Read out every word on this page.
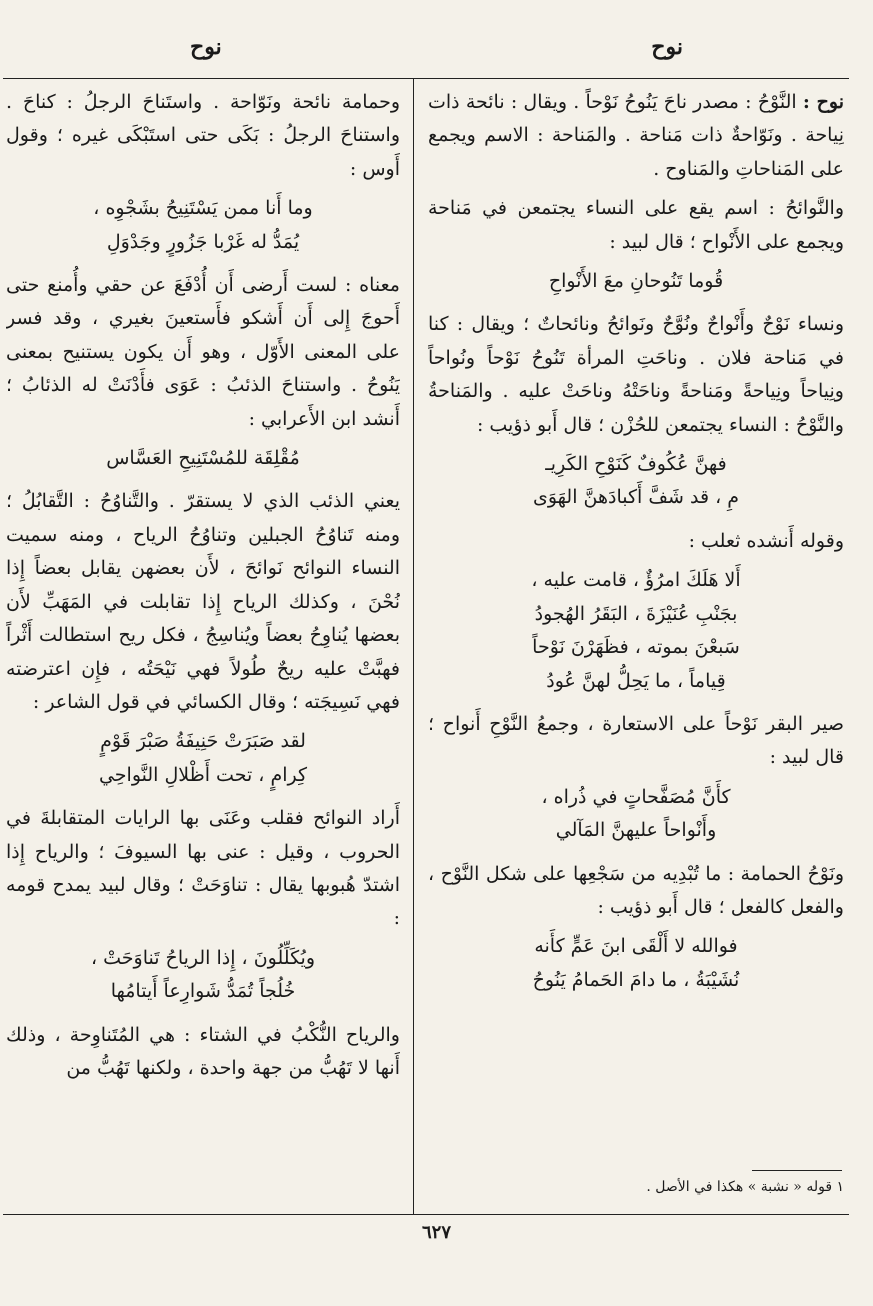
نوح
نوح

نوح : النَّوْحُ : مصدر ناحَ يَنُوحُ نَوْحاً . ويقال : نائحة ذات نِياحة . ونَوّاحةٌ ذات مَناحة . والمَناحة : الاسم ويجمع على المَناحاتِ والمَناوح .

والنَّوائحُ : اسم يقع على النساء يجتمعن في مَناحة ويجمع على الأَنْواح ؛ قال لبيد :

قُوما تَنُوحانِ معَ الأَنْواحِ

ونساء نَوْحٌ وأَنْواحٌ ونُوَّحٌ ونَوائحُ ونائحاتٌ ؛ ويقال : كنا في مَناحة فلان . وناحَتِ المرأة تَنُوحُ نَوْحاً ونُواحاً ونِياحاً ونِياحةً ومَناحةً وناحَتْهُ وناحَتْ عليه . والمَناحةُ والنَّوْحُ : النساء يجتمعن للحُزْن ؛ قال أَبو ذؤيب :

فهنَّ عُكُوفٌ كَنَوْحِ الكَرِيـ
مِ ، قد شَفَّ أَكبادَهنَّ الهَوَى

وقوله أَنشده ثعلب :

أَلا هَلَكَ امرُؤٌ ، قامت عليه ،
بجَنْبِ عُنَيْزَةَ ، البَقَرُ الهُجودُ
سَبعْنَ بموته ، فظَهَرْنَ نَوْحاً
قِياماً ، ما يَحِلُّ لهنَّ عُودُ

صير البقر نَوْحاً على الاستعارة ، وجمعُ النَّوْحِ أَنواح ؛ قال لبيد :

كأَنَّ مُصَفَّحاتٍ في ذُراه ،
وأَنْواحاً عليهنَّ المَآلي

ونَوْحُ الحمامة : ما تُبْدِيه من سَجْعِها على شكل النَّوْح ، والفعل كالفعل ؛ قال أَبو ذؤيب :

فوالله لا أَلْقَى ابنَ عَمٍّ كأَنه
نُشَيْبَةُ ، ما دامَ الحَمامُ يَنُوحُ
١ قوله « نشبة » هكذا في الأصل .

وحمامة نائحة ونَوّاحة . واستَناحَ الرجلُ : كناحَ . واستناحَ الرجلُ : بَكَى حتى استَبْكَى غيره ؛ وقول أَوس :

وما أَنا ممن يَسْتَنِيحُ بشَجْوِه ،
يُمَدُّ له غَرْبا جَزُورٍ وجَدْوَلِ

معناه : لست أَرضى أَن أُدْفَعَ عن حقي وأُمنع حتى أَحوجَ إِلى أَن أَشكو فأَستعينَ بغيري ، وقد فسر على المعنى الأَوّل ، وهو أَن يكون يستنيح بمعنى يَنُوحُ . واستناحَ الذئبُ : عَوَى فأَدْنَتْ له الذئابُ ؛ أَنشد ابن الأَعرابي :

مُقْلِقَة للمُسْتَنِيحِ العَسَّاس

يعني الذئب الذي لا يستقرّ . والتَّناوُحُ : التَّقابُلُ ؛ ومنه تَناوُحُ الجبلين وتناوُحُ الرياح ، ومنه سميت النساء النوائح نَوائحَ ، لأَن بعضهن يقابل بعضاً إِذا نُحْنَ ، وكذلك الرياح إِذا تقابلت في المَهَبِّ لأَن بعضها يُناوِحُ بعضاً ويُناسِجُ ، فكل ريح استطالت أَثْراً فهبَّتْ عليه ريحٌ طُولاً فهي نَيْحَتُه ، فإِن اعترضته فهي نَسِيجَته ؛ وقال الكسائي في قول الشاعر :

لقد صَبَرَتْ حَنِيفَةُ صَبْرَ قَوْمٍ
كِرامٍ ، تحت أَظْلالِ النَّواحِي

أَراد النوائح فقلب وعَنَى بها الرايات المتقابلةَ في الحروب ، وقيل : عنى بها السيوفَ ؛ والرياح إِذا اشتدّ هُبوبها يقال : تناوَحَتْ ؛ وقال لبيد يمدح قومه :

ويُكَلِّلُونَ ، إِذا الرياحُ تَناوَحَتْ ،
خُلُجاً تُمَدُّ شَوارِعاً أَيتامُها

والرياح النُّكْبُ في الشتاء : هي المُتَناوِحة ، وذلك أَنها لا تَهُبُّ من جهة واحدة ، ولكنها تَهُبُّ من

٦٢٧
